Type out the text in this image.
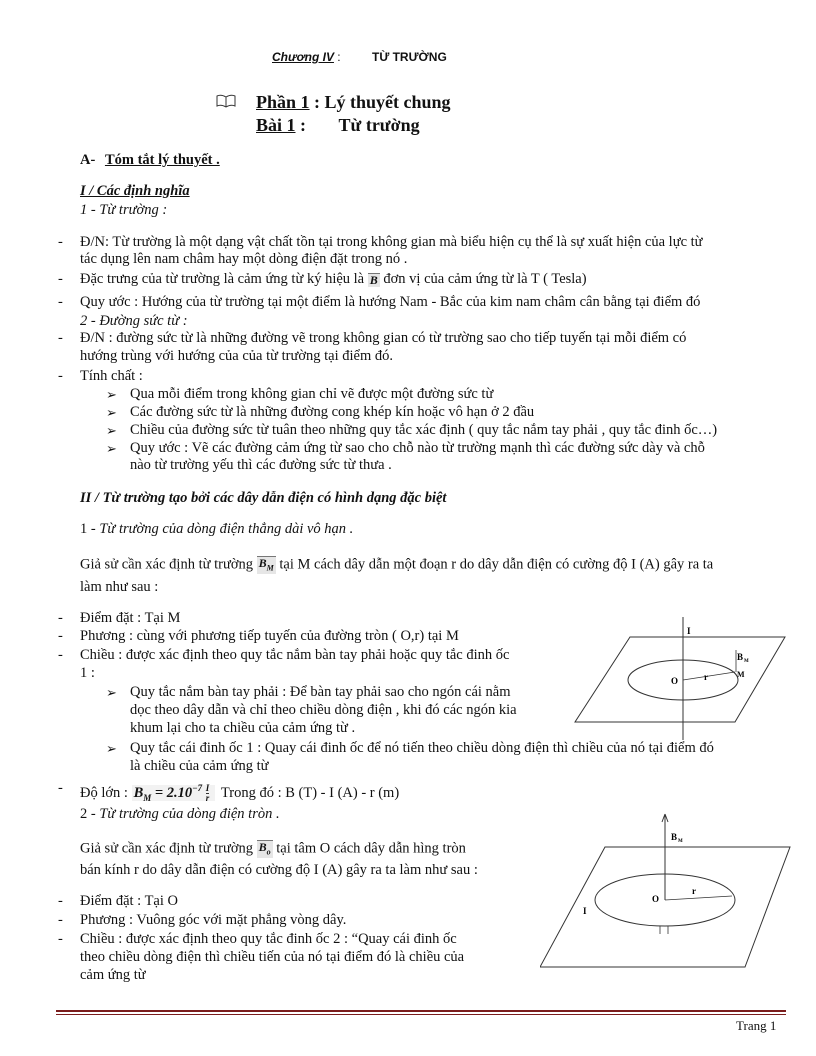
Chương IV :	TỪ TRƯỜNG
Phần 1 : Lý thuyết chung
Bài 1 : Từ trường
A- Tóm tắt lý thuyết .
I / Các định nghĩa
1 - Từ trường :
- Đ/N: Từ trường là một dạng vật chất tồn tại trong không gian mà biểu hiện cụ thể là sự xuất hiện của lực từ
tác dụng lên nam châm hay một dòng điện đặt trong nó .
- Đặc trưng của từ trường là cảm ứng từ ký hiệu là B đơn vị của cảm ứng từ là T ( Tesla)
- Quy ước : Hướng của từ trường tại một điểm là hướng Nam - Bắc của kim nam châm cân bằng tại điểm đó
2 - Đường sức từ :
- Đ/N : đường sức từ là những đường vẽ trong không gian có từ trường sao cho tiếp tuyến tại mỗi điểm có
hướng trùng với hướng của của từ trường tại điểm đó.
- Tính chất :
➢ Qua mỗi điểm trong không gian chỉ vẽ được một đường sức từ
➢ Các đường sức từ là những đường cong khép kín hoặc vô hạn ở 2 đầu
➢ Chiều của đường sức từ tuân theo những quy tắc xác định ( quy tắc nắm tay phải , quy tắc đinh ốc…)
➢ Quy ước : Vẽ các đường cảm ứng từ sao cho chỗ nào từ trường mạnh thì các đường sức dày và chỗ
nào từ trường yếu thì các đường sức từ thưa .
II / Từ trường tạo bởi các dây dẫn điện có hình dạng đặc biệt
1 - Từ trường của dòng điện thẳng dài vô hạn .
Giả sử cần xác định từ trường $B_M$ tại M cách dây dẫn một đoạn r do dây dẫn điện có cường độ I (A) gây ra ta
làm như sau :
- Điểm đặt : Tại M
- Phương : cùng với phương tiếp tuyến của đường tròn ( O,r) tại M
- Chiều : được xác định theo quy tắc nắm bàn tay phải hoặc quy tắc đinh ốc
1 :
➢ Quy tắc nắm bàn tay phải : Để bàn tay phải sao cho ngón cái nằm
dọc theo dây dẫn và chỉ theo chiều dòng điện , khi đó các ngón kia
khum lại cho ta chiều của cảm ứng từ .
➢ Quy tắc cái đinh ốc 1 : Quay cái đinh ốc để nó tiến theo chiều dòng điện thì chiều của nó tại điểm đó
là chiều của cảm ứng từ
- Độ lớn : $B_M = 2.10^{-7} \frac{I}{r}$ Trong đó : B (T) - I (A) - r (m)
2 - Từ trường của dòng điện tròn .
Giả sử cần xác định từ trường $B_o$ tại tâm O cách dây dẫn hìng tròn
bán kính r do dây dẫn điện có cường độ I (A) gây ra ta làm như sau :
- Điểm đặt : Tại O
- Phương : Vuông góc với mặt phẳng vòng dây.
- Chiều : được xác định theo quy tắc đinh ốc 2 : “Quay cái đinh ốc
theo chiều dòng điện thì chiều tiến của nó tại điểm đó là chiều của
cảm ứng từ
I
B M
O	r	M
B M
O
r
I
Trang 1
